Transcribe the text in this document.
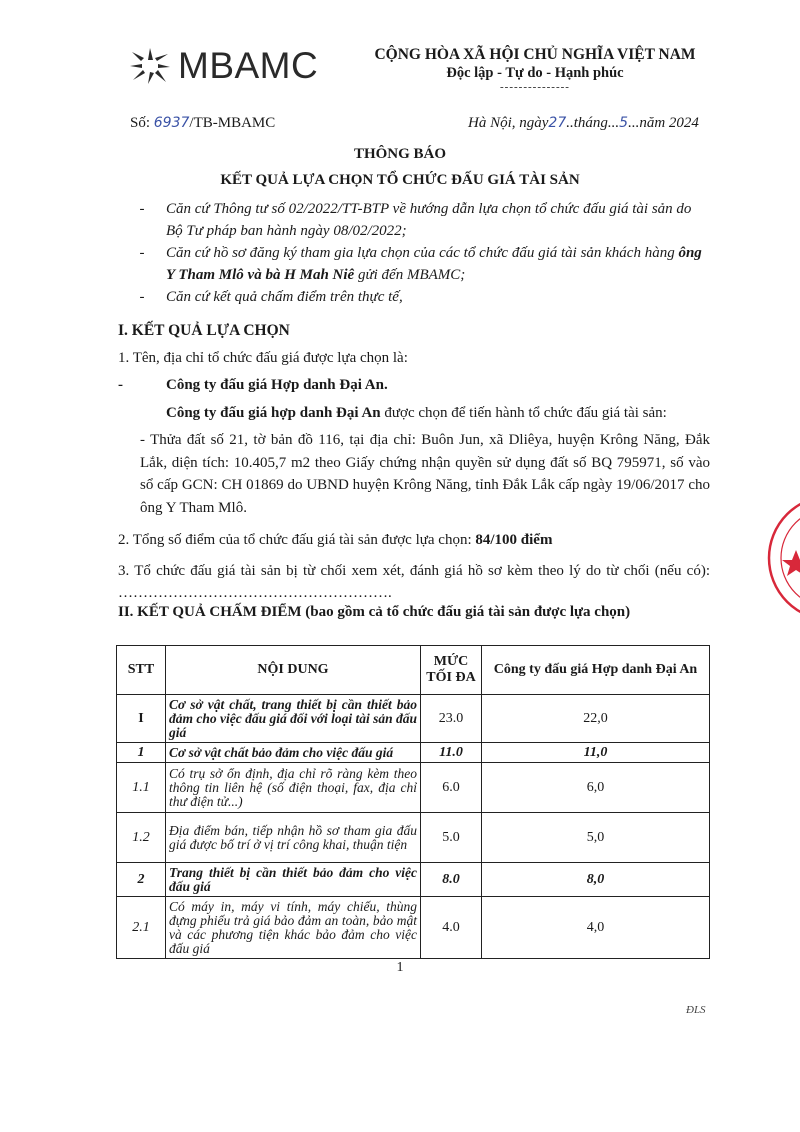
MBAMC	CỘNG HÒA XÃ HỘI CHỦ NGHĨA VIỆT NAM
Độc lập - Tự do - Hạnh phúc
---------------
Số: 6937/TB-MBAMC	Hà Nội, ngày27..tháng...5...năm 2024
THÔNG BÁO
KẾT QUẢ LỰA CHỌN TỔ CHỨC ĐẤU GIÁ TÀI SẢN
-	Căn cứ Thông tư số 02/2022/TT-BTP về hướng dẫn lựa chọn tổ chức đấu giá tài sản do Bộ Tư pháp ban hành ngày 08/02/2022;
-	Căn cứ hồ sơ đăng ký tham gia lựa chọn của các tổ chức đấu giá tài sản khách hàng ông Y Tham Mlô và bà H Mah Niê gửi đến MBAMC;
-	Căn cứ kết quả chấm điểm trên thực tế,
I. KẾT QUẢ LỰA CHỌN
1. Tên, địa chỉ tổ chức đấu giá được lựa chọn là:
-	Công ty đấu giá Hợp danh Đại An.
Công ty đấu giá hợp danh Đại An được chọn để tiến hành tổ chức đấu giá tài sản:
- Thửa đất số 21, tờ bản đồ 116, tại địa chỉ: Buôn Jun, xã Dliêya, huyện Krông Năng, Đắk Lắk, diện tích: 10.405,7 m2 theo Giấy chứng nhận quyền sử dụng đất số BQ 795971, số vào sổ cấp GCN: CH 01869 do UBND huyện Krông Năng, tỉnh Đắk Lắk cấp ngày 19/06/2017 cho ông Y Tham Mlô.
2. Tổng số điểm của tổ chức đấu giá tài sản được lựa chọn: 84/100 điểm
3. Tổ chức đấu giá tài sản bị từ chối xem xét, đánh giá hồ sơ kèm theo lý do từ chối (nếu có): ……………………………………………….
II. KẾT QUẢ CHẤM ĐIỂM (bao gồm cả tổ chức đấu giá tài sản được lựa chọn)
STT	NỘI DUNG	MỨC TỐI ĐA	Công ty đấu giá Hợp danh Đại An
I	Cơ sở vật chất, trang thiết bị cần thiết bảo đảm cho việc đấu giá đối với loại tài sản đấu giá	23.0	22,0
1	Cơ sở vật chất bảo đảm cho việc đấu giá	11.0	11,0
1.1	Có trụ sở ổn định, địa chỉ rõ ràng kèm theo thông tin liên hệ (số điện thoại, fax, địa chỉ thư điện tử...)	6.0	6,0
1.2	Địa điểm bán, tiếp nhận hồ sơ tham gia đấu giá được bố trí ở vị trí công khai, thuận tiện	5.0	5,0
2	Trang thiết bị cần thiết bảo đảm cho việc đấu giá	8.0	8,0
2.1	Có máy in, máy vi tính, máy chiếu, thùng đựng phiếu trả giá bảo đảm an toàn, bảo mật và các phương tiện khác bảo đảm cho việc đấu giá	4.0	4,0
1
ĐLS
